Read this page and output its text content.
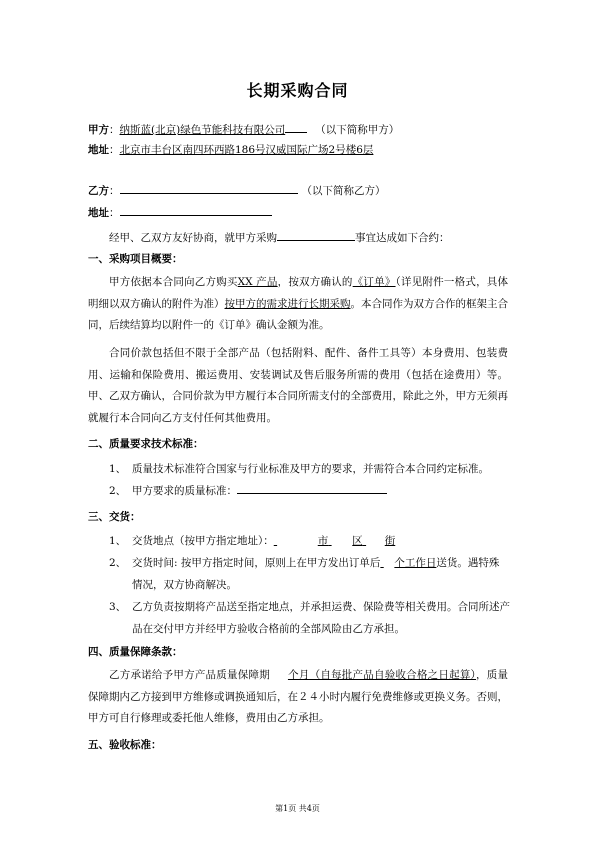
长期采购合同
甲方：纳斯蓝(北京)绿色节能科技有限公司	（以下简称甲方）
地址：北京市丰台区南四环西路186号汉威国际广场2号楼6层
乙方：	（以下简称乙方）
地址：
经甲、乙双方友好协商，就甲方采购	事宜达成如下合约：
一、采购项目概要：
甲方依据本合同向乙方购买XX 产品，按双方确认的《订单》（详见附件一格式，具体明细以双方确认的附件为准）按甲方的需求进行长期采购。本合同作为双方合作的框架主合同，后续结算均以附件一的《订单》确认金额为准。
合同价款包括但不限于全部产品（包括附料、配件、备件工具等）本身费用、包装费用、运输和保险费用、搬运费用、安装调试及售后服务所需的费用（包括在途费用）等。甲、乙双方确认，合同价款为甲方履行本合同所需支付的全部费用，除此之外，甲方无须再就履行本合同向乙方支付任何其他费用。
二、质量要求技术标准：
1、 质量技术标准符合国家与行业标准及甲方的要求，并需符合本合同约定标准。
2、 甲方要求的质量标准：
三、交货：
1、 交货地点（按甲方指定地址）：	市 区 街
2、 交货时间: 按甲方指定时间，原则上在甲方发出订单后 个工作日送货。遇特殊
情况，双方协商解决。
3、 乙方负责按期将产品送至指定地点，并承担运费、保险费等相关费用。合同所述产
品在交付甲方并经甲方验收合格前的全部风险由乙方承担。
四、质量保障条款：
乙方承诺给予甲方产品质量保障期 个月（自每批产品自验收合格之日起算），质量保障期内乙方接到甲方维修或调换通知后，在２４小时内履行免费维修或更换义务。否则，甲方可自行修理或委托他人维修，费用由乙方承担。
五、验收标准：
第1页 共4页
